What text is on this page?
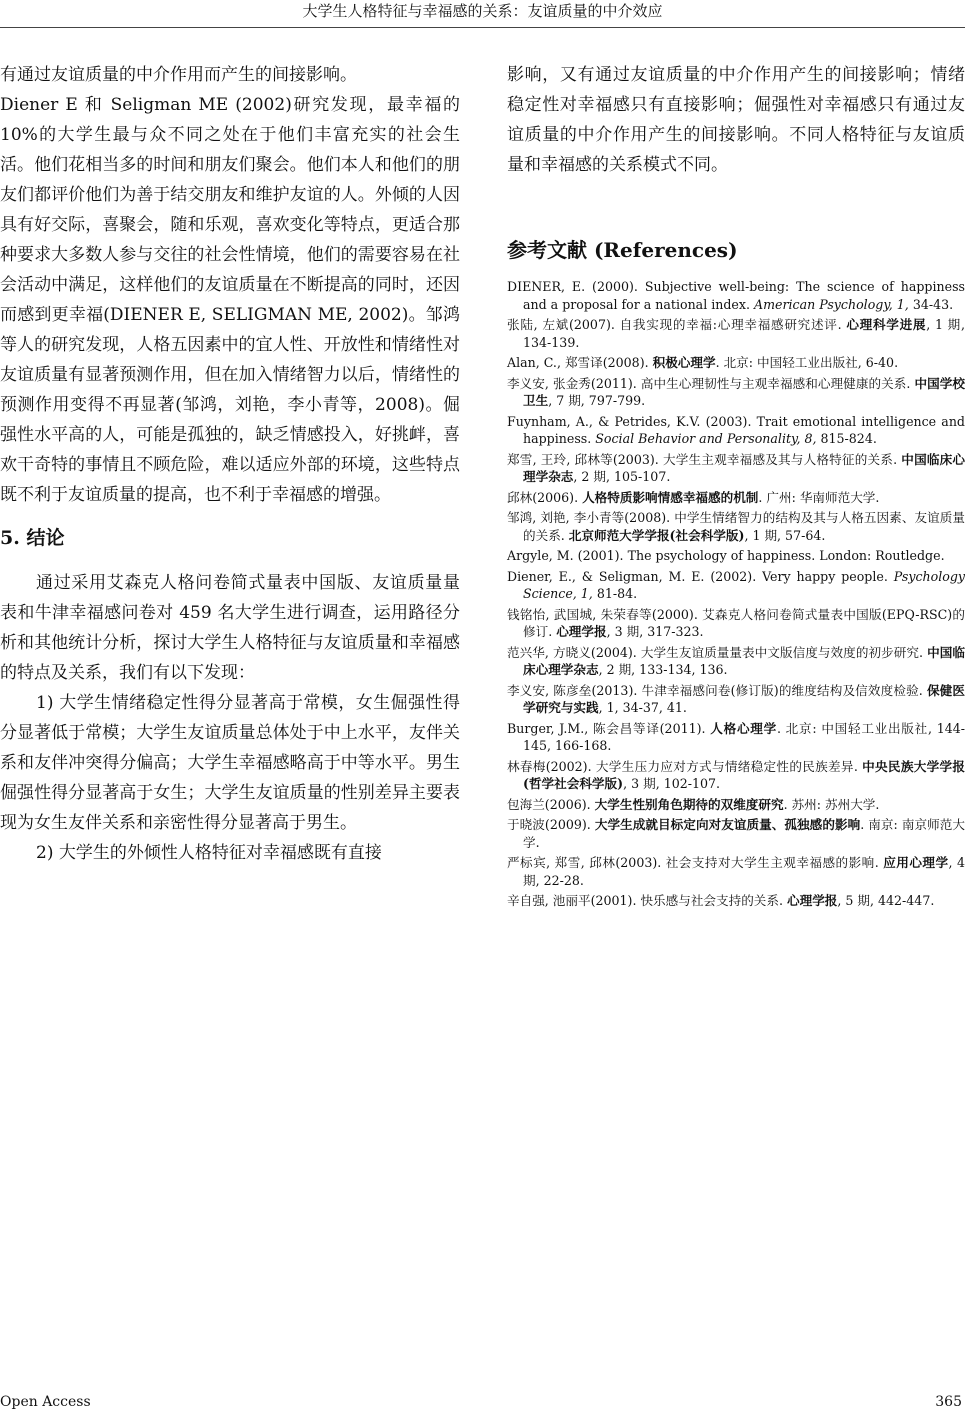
大学生人格特征与幸福感的关系：友谊质量的中介效应

有通过友谊质量的中介作用而产生的间接影响。

Diener E 和 Seligman ME (2002)研究发现，最幸福的10%的大学生最与众不同之处在于他们丰富充实的社会生活。他们花相当多的时间和朋友们聚会。他们本人和他们的朋友们都评价他们为善于结交朋友和维护友谊的人。外倾的人因具有好交际，喜聚会，随和乐观，喜欢变化等特点，更适合那种要求大多数人参与交往的社会性情境，他们的需要容易在社会活动中满足，这样他们的友谊质量在不断提高的同时，还因而感到更幸福(DIENER E, SELIGMAN ME, 2002)。邹鸿等人的研究发现，人格五因素中的宜人性、开放性和情绪性对友谊质量有显著预测作用，但在加入情绪智力以后，情绪性的预测作用变得不再显著(邹鸿，刘艳，李小青等，2008)。倔强性水平高的人，可能是孤独的，缺乏情感投入，好挑衅，喜欢干奇特的事情且不顾危险，难以适应外部的环境，这些特点既不利于友谊质量的提高，也不利于幸福感的增强。

5. 结论

通过采用艾森克人格问卷简式量表中国版、友谊质量量表和牛津幸福感问卷对 459 名大学生进行调查，运用路径分析和其他统计分析，探讨大学生人格特征与友谊质量和幸福感的特点及关系，我们有以下发现：

1) 大学生情绪稳定性得分显著高于常模，女生倔强性得分显著低于常模；大学生友谊质量总体处于中上水平，友伴关系和友伴冲突得分偏高；大学生幸福感略高于中等水平。男生倔强性得分显著高于女生；大学生友谊质量的性别差异主要表现为女生友伴关系和亲密性得分显著高于男生。

2) 大学生的外倾性人格特征对幸福感既有直接

影响，又有通过友谊质量的中介作用产生的间接影响；情绪稳定性对幸福感只有直接影响；倔强性对幸福感只有通过友谊质量的中介作用产生的间接影响。不同人格特征与友谊质量和幸福感的关系模式不同。

参考文献 (References)
DIENER, E. (2000). Subjective well-being: The science of happiness and a proposal for a national index. American Psychology, 1, 34-43.
张陆, 左斌(2007). 自我实现的幸福:心理幸福感研究述评. 心理科学进展, 1 期, 134-139.
Alan, C., 郑雪译(2008). 积极心理学. 北京: 中国轻工业出版社, 6-40.
李义安, 张金秀(2011). 高中生心理韧性与主观幸福感和心理健康的关系. 中国学校卫生, 7 期, 797-799.
Fuynham, A., & Petrides, K.V. (2003). Trait emotional intelligence and happiness. Social Behavior and Personality, 8, 815-824.
郑雪, 王玲, 邱林等(2003). 大学生主观幸福感及其与人格特征的关系. 中国临床心理学杂志, 2 期, 105-107.
邱林(2006). 人格特质影响情感幸福感的机制. 广州: 华南师范大学.
邹鸿, 刘艳, 李小青等(2008). 中学生情绪智力的结构及其与人格五因素、友谊质量的关系. 北京师范大学学报(社会科学版), 1 期, 57-64.
Argyle, M. (2001). The psychology of happiness. London: Routledge.
Diener, E., & Seligman, M. E. (2002). Very happy people. Psychology Science, 1, 81-84.
钱铭怡, 武国城, 朱荣春等(2000). 艾森克人格问卷简式量表中国版(EPQ-RSC)的修订. 心理学报, 3 期, 317-323.
范兴华, 方晓义(2004). 大学生友谊质量量表中文版信度与效度的初步研究. 中国临床心理学杂志, 2 期, 133-134, 136.
李义安, 陈彦垒(2013). 牛津幸福感问卷(修订版)的维度结构及信效度检验. 保健医学研究与实践, 1, 34-37, 41.
Burger, J.M., 陈会昌等译(2011). 人格心理学. 北京: 中国轻工业出版社, 144-145, 166-168.
林春梅(2002). 大学生压力应对方式与情绪稳定性的民族差异. 中央民族大学学报(哲学社会科学版), 3 期, 102-107.
包海兰(2006). 大学生性别角色期待的双维度研究. 苏州: 苏州大学.
于晓波(2009). 大学生成就目标定向对友谊质量、孤独感的影响. 南京: 南京师范大学.
严标宾, 郑雪, 邱林(2003). 社会支持对大学生主观幸福感的影响. 应用心理学, 4 期, 22-28.
辛自强, 池丽平(2001). 快乐感与社会支持的关系. 心理学报, 5 期, 442-447.
Open Access	365
